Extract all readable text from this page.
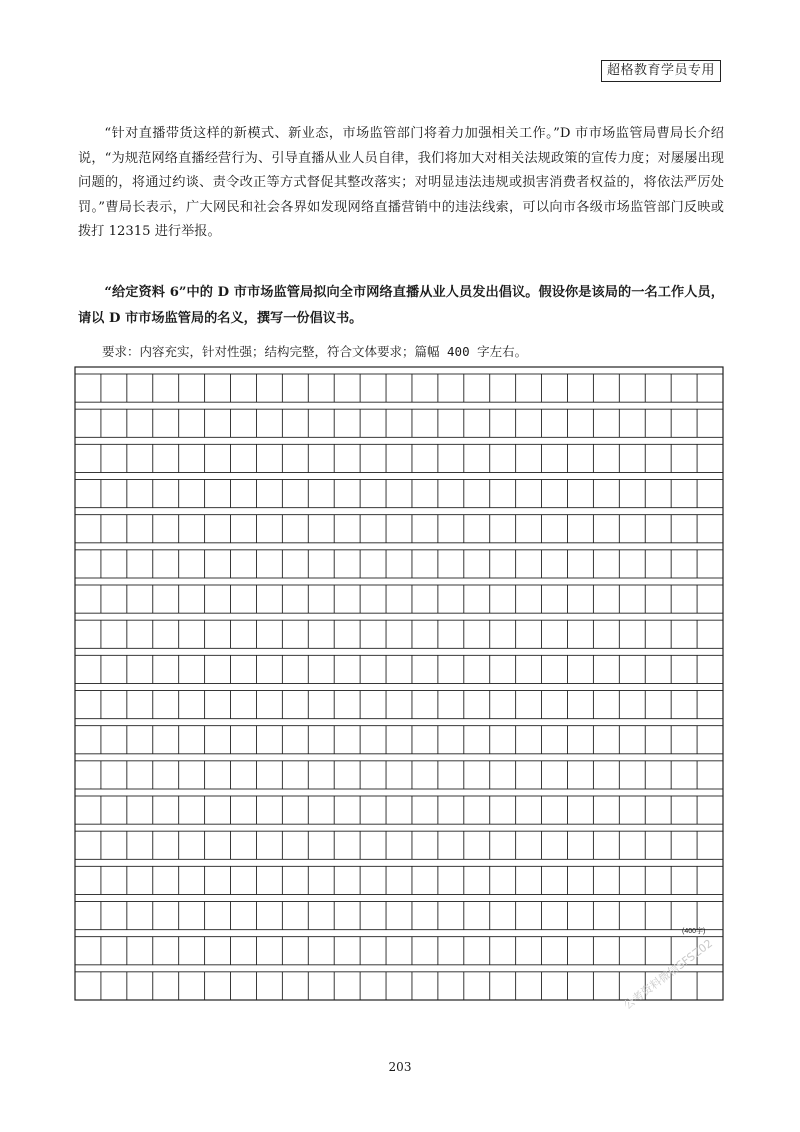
超格教育学员专用

“针对直播带货这样的新模式、新业态，市场监管部门将着力加强相关工作。”D 市市场监管局曹局长介绍说，“为规范网络直播经营行为、引导直播从业人员自律，我们将加大对相关法规政策的宣传力度；对屡屡出现问题的，将通过约谈、责令改正等方式督促其整改落实；对明显违法违规或损害消费者权益的，将依法严厉处罚。”曹局长表示，广大网民和社会各界如发现网络直播营销中的违法线索，可以向市各级市场监管部门反映或拨打 12315 进行举报。

“给定资料 6”中的 D 市市场监管局拟向全市网络直播从业人员发出倡议。假设你是该局的一名工作人员，请以 D 市市场监管局的名义，撰写一份倡议书。

要求：内容充实，针对性强；结构完整，符合文体要求；篇幅 400 字左右。

(400字)
公考资料微信SFSZ02
203
